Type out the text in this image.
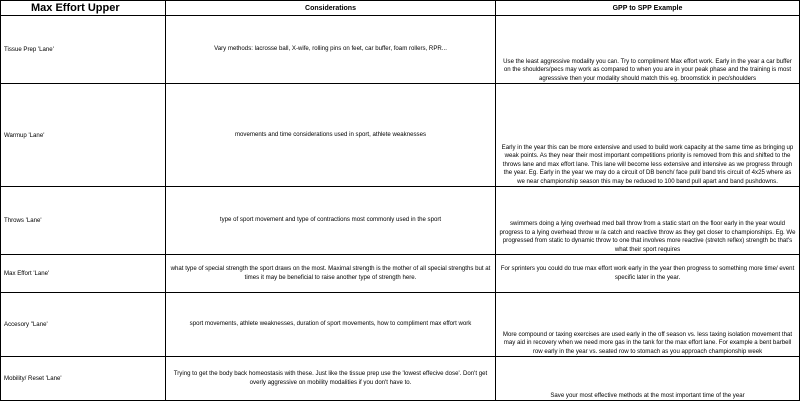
Max Effort Upper	Considerations	GPP to SPP Example
Tissue Prep 'Lane'	Vary methods: lacrosse ball, X-wife, rolling pins on feet, car buffer, foam rollers, RPR...	Use the least aggressive modality you can. Try to compliment Max effort work. Early in the year a car buffer on the shoulders/pecs may work as compared to when you are in your peak phase and the training is most agresssive then your modality should match this eg. broomstick in pec/shoulders
Warmup 'Lane'	movements and time considerations used in sport, athlete weaknesses	Early in the year this can be more extensive and used to build work capacity at the same time as bringing up weak points. As they near their most important competitions priority is removed from this and shifted to the throws lane and max effort lane. This lane will become less extensive and intensive as we progress through the year. Eg. Early in the year we may do a circuit of DB bench/ face pull/ band tris circuit of 4x25 where as we near championship season this may be reduced to 100 band pull apart and band pushdowns.
Throws 'Lane'	type of sport movement and type of contractions most commonly used in the sport	swimmers doing a lying overhead med ball throw from a static start on the floor early in the year would progress to a lying overhead throw w /a catch and reactive throw as they get closer to championships. Eg. We progressed from static to dynamic throw to one that involves more reactive (stretch reflex) strength bc that's what their sport requires
Max Effort 'Lane'	what type of special strength the sport draws on the most. Maximal strength is the mother of all special strengths but at times it may be beneficial to raise another type of strength here.	For sprinters you could do true max effort work early in the year then progress to something more time/ event specific later in the year.
Accesory "Lane'	sport movements, athlete weaknesses, duration of sport movements, how to compliment max effort work	More compound or taxing exercises are used early in the off season vs. less taxing isolation movement that may aid in recovery when we need more gas in the tank for the max effort lane. For example a bent barbell row early in the year vs. seated row to stomach as you approach championship week
Mobility/ Reset 'Lane'	Trying to get the body back homeostasis with these. Just like the tissue prep use the 'lowest effecive dose'. Don't get overly aggressive on mobility modalities if you don't have to.	Save your most effective methods at the most important time of the year
